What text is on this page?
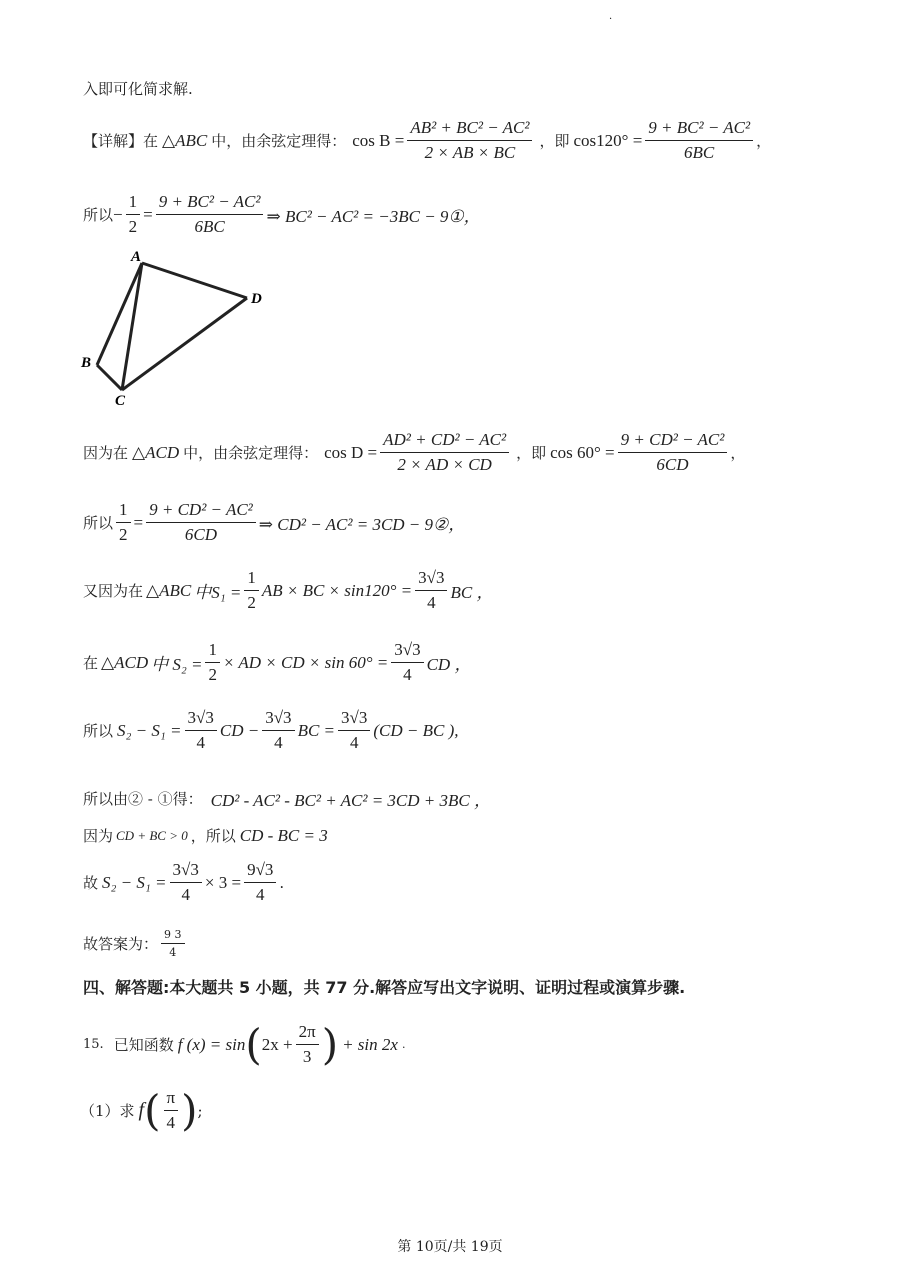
·
入即可化简求解.
【详解】在 △ABC 中，由余弦定理得： $\cos B = \frac{\text{AB² + BC² − AC²}}{2 \times AB \times BC}$ ，即 $\cos 120^\circ = \frac{\text{9 + BC² − AC²}}{6BC}$ ，
所以 − $\frac{1}{2} = \frac{\text{9 + BC² − AC²}}{6BC}$ ⇒ BC² − AC² = −3BC − 9①，
A
D
B
C
因为在 △ACD 中，由余弦定理得： $\cos D = \frac{\text{AD² + CD² − AC²}}{2 \times AD \times CD}$ ，即 $\cos 60^\circ = \frac{\text{9 + CD² − AC²}}{6CD}$ ，
所以 $\frac{1}{2} = \frac{\text{9 + CD² − AC²}}{6CD}$ ⇒ CD² − AC² = 3CD − 9②，
又因为在 △ABC 中$S_1 = \frac{1}{2}$ AB × BC × $\sin 120^\circ = \frac{3√3}{4}$ BC ，
在 △ACD 中 $S_2 = \frac{1}{2}$ × AD × CD × $\sin 60^\circ = \frac{3√3}{4}$ CD ，
所以 $S_2 - S_1 = \frac{3√3}{4}$ CD − $\frac{3√3}{4}$ BC = $\frac{3√3}{4} (CD$ − BC ),
所以由② - ①得： CD² - AC² - BC² + AC² = 3CD + 3BC ，
因为 CD + BC > 0 ，所以 CD - BC = 3
故 $S_2 - S_1 = \frac{3√3}{4} \times 3 = \frac{9√3}{4}$ .
故答案为： $\frac{9 3}{4}$
四、解答题:本大题共 5 小题，共 77 分.解答应写出文字说明、证明过程或演算步骤.
15. 已知函数 f (x) = sin ( $2x + \frac{2\pi}{3}$ ) + sin 2x .
（1）求 f ( $\frac{\pi}{4}$ ) ;
第 10页/共 19页
